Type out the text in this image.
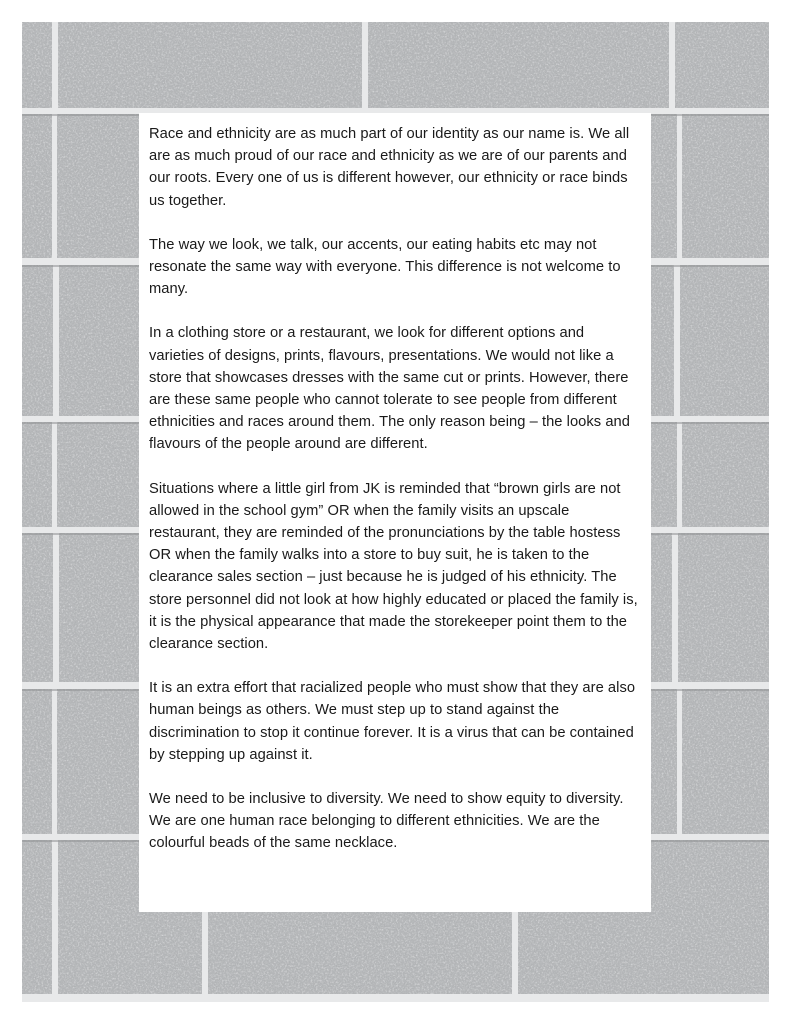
Race and ethnicity are as much part of our identity as our name is. We all are as much proud of our race and ethnicity as we are of our parents and our roots. Every one of us is different however, our ethnicity or race binds us together.

The way we look, we talk, our accents, our eating habits etc may not resonate the same way with everyone. This difference is not welcome to many.

In a clothing store or a restaurant, we look for different options and varieties of designs, prints, flavours, presentations. We would not like a store that showcases dresses with the same cut or prints. However, there are these same people who cannot tolerate to see people from different ethnicities and races around them. The only reason being – the looks and flavours of the people around are different.

Situations where a little girl from JK is reminded that “brown girls are not allowed in the school gym” OR when the family visits an upscale restaurant, they are reminded of the pronunciations by the table hostess OR when the family walks into a store to buy suit, he is taken to the clearance sales section – just because he is judged of his ethnicity. The store personnel did not look at how highly educated or placed the family is, it is the physical appearance that made the storekeeper point them to the clearance section.

It is an extra effort that racialized people who must show that they are also human beings as others. We must step up to stand against the discrimination to stop it continue forever. It is a virus that can be contained by stepping up against it.

We need to be inclusive to diversity. We need to show equity to diversity. We are one human race belonging to different ethnicities. We are the colourful beads of the same necklace.
